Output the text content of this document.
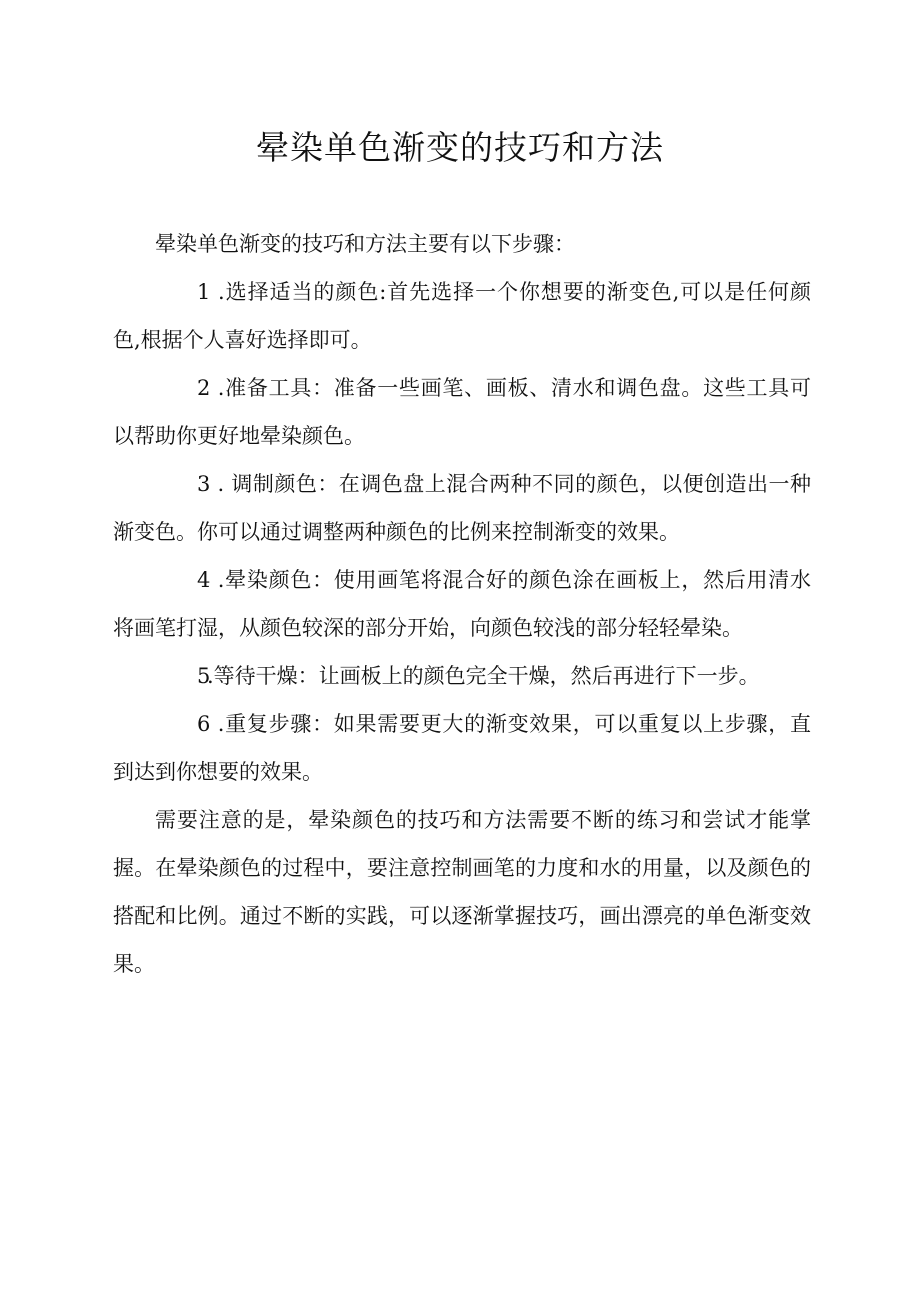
晕染单色渐变的技巧和方法

晕染单色渐变的技巧和方法主要有以下步骤：

1 .选择适当的颜色:首先选择一个你想要的渐变色,可以是任何颜色,根据个人喜好选择即可。

2 .准备工具：准备一些画笔、画板、清水和调色盘。这些工具可以帮助你更好地晕染颜色。

3 . 调制颜色：在调色盘上混合两种不同的颜色，以便创造出一种渐变色。你可以通过调整两种颜色的比例来控制渐变的效果。

4 .晕染颜色：使用画笔将混合好的颜色涂在画板上，然后用清水将画笔打湿，从颜色较深的部分开始，向颜色较浅的部分轻轻晕染。

5.等待干燥：让画板上的颜色完全干燥，然后再进行下一步。

6 .重复步骤：如果需要更大的渐变效果，可以重复以上步骤，直到达到你想要的效果。

需要注意的是，晕染颜色的技巧和方法需要不断的练习和尝试才能掌握。在晕染颜色的过程中，要注意控制画笔的力度和水的用量，以及颜色的搭配和比例。通过不断的实践，可以逐渐掌握技巧，画出漂亮的单色渐变效果。
